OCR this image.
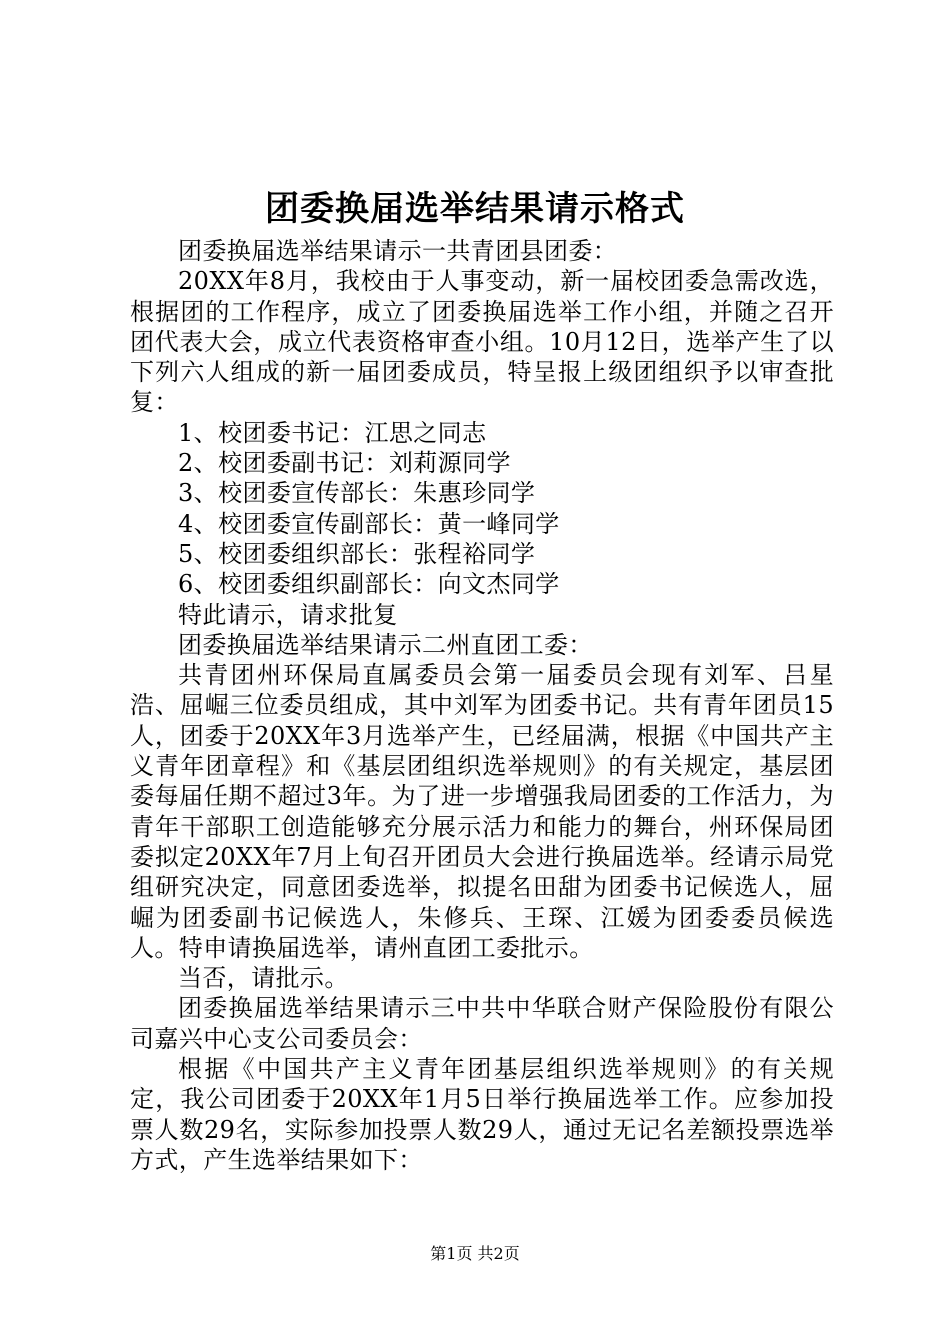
团委换届选举结果请示格式

团委换届选举结果请示一共青团县团委：

20XX年8月，我校由于人事变动，新一届校团委急需改选，根据团的工作程序，成立了团委换届选举工作小组，并随之召开团代表大会，成立代表资格审查小组。10月12日，选举产生了以下列六人组成的新一届团委成员，特呈报上级团组织予以审查批复：

1、校团委书记：江思之同志

2、校团委副书记：刘莉源同学

3、校团委宣传部长：朱惠珍同学

4、校团委宣传副部长：黄一峰同学

5、校团委组织部长：张程裕同学

6、校团委组织副部长：向文杰同学

特此请示，请求批复

团委换届选举结果请示二州直团工委：

共青团州环保局直属委员会第一届委员会现有刘军、吕星浩、屈崛三位委员组成，其中刘军为团委书记。共有青年团员15人，团委于20XX年3月选举产生，已经届满，根据《中国共产主义青年团章程》和《基层团组织选举规则》的有关规定，基层团委每届任期不超过3年。为了进一步增强我局团委的工作活力，为青年干部职工创造能够充分展示活力和能力的舞台，州环保局团委拟定20XX年7月上旬召开团员大会进行换届选举。经请示局党组研究决定，同意团委选举，拟提名田甜为团委书记候选人，屈崛为团委副书记候选人，朱修兵、王琛、江媛为团委委员候选人。特申请换届选举，请州直团工委批示。

当否，请批示。

团委换届选举结果请示三中共中华联合财产保险股份有限公司嘉兴中心支公司委员会：

根据《中国共产主义青年团基层组织选举规则》的有关规定，我公司团委于20XX年1月5日举行换届选举工作。应参加投票人数29名，实际参加投票人数29人，通过无记名差额投票选举方式，产生选举结果如下：

第1页 共2页
